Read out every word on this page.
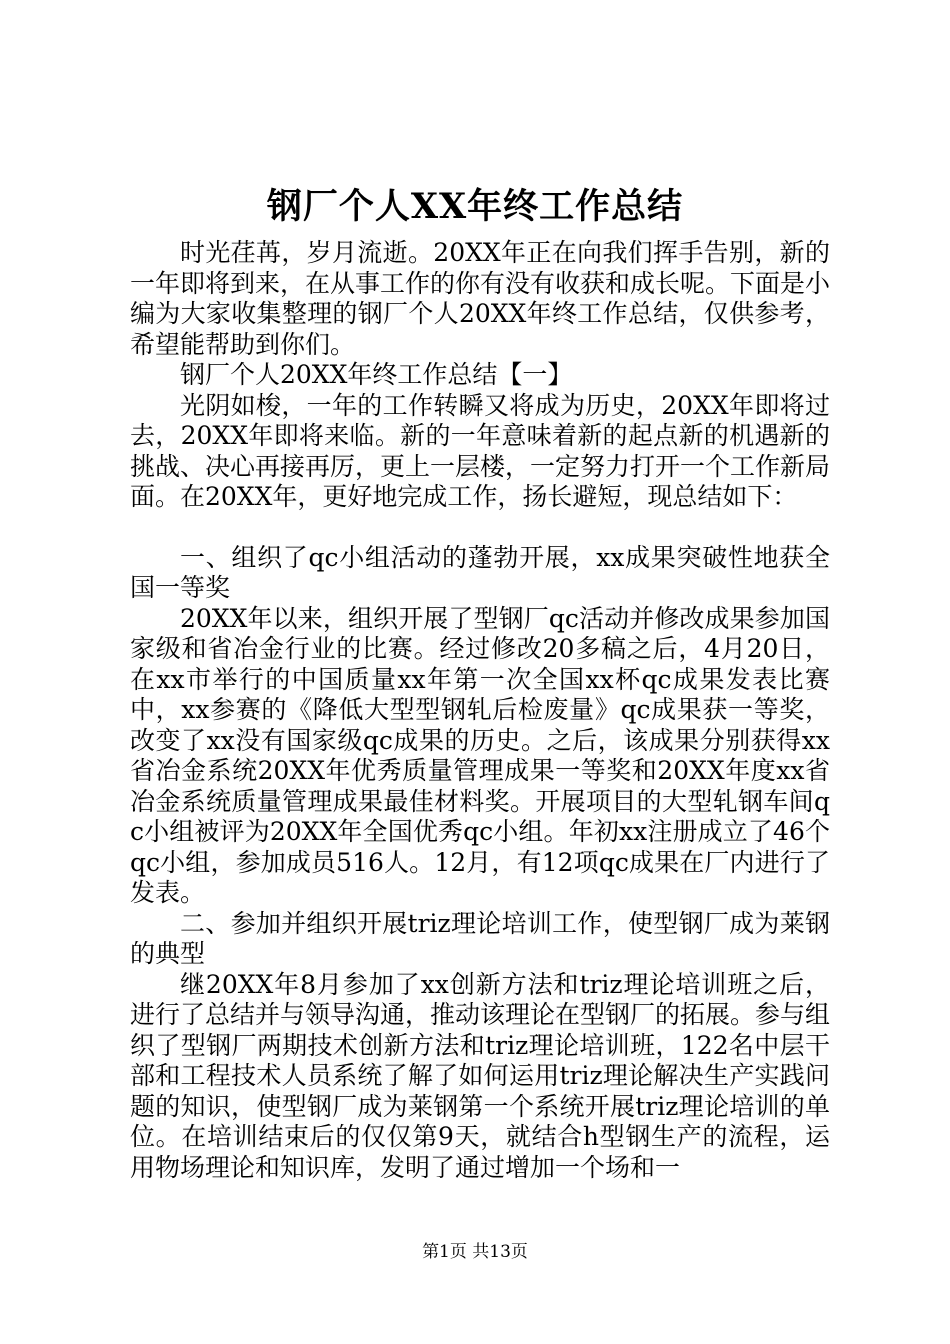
钢厂个人XX年终工作总结

时光荏苒，岁月流逝。20XX年正在向我们挥手告别，新的一年即将到来，在从事工作的你有没有收获和成长呢。下面是小编为大家收集整理的钢厂个人20XX年终工作总结，仅供参考，希望能帮助到你们。

钢厂个人20XX年终工作总结【一】

光阴如梭，一年的工作转瞬又将成为历史，20XX年即将过去，20XX年即将来临。新的一年意味着新的起点新的机遇新的挑战、决心再接再厉，更上一层楼，一定努力打开一个工作新局面。在20XX年，更好地完成工作，扬长避短，现总结如下：

一、组织了qc小组活动的蓬勃开展，xx成果突破性地获全国一等奖

20XX年以来，组织开展了型钢厂qc活动并修改成果参加国家级和省冶金行业的比赛。经过修改20多稿之后，4月20日，在xx市举行的中国质量xx年第一次全国xx杯qc成果发表比赛中，xx参赛的《降低大型型钢轧后检废量》qc成果获一等奖，改变了xx没有国家级qc成果的历史。之后，该成果分别获得xx省冶金系统20XX年优秀质量管理成果一等奖和20XX年度xx省冶金系统质量管理成果最佳材料奖。开展项目的大型轧钢车间qc小组被评为20XX年全国优秀qc小组。年初xx注册成立了46个qc小组，参加成员516人。12月，有12项qc成果在厂内进行了发表。

二、参加并组织开展triz理论培训工作，使型钢厂成为莱钢的典型

继20XX年8月参加了xx创新方法和triz理论培训班之后，进行了总结并与领导沟通，推动该理论在型钢厂的拓展。参与组织了型钢厂两期技术创新方法和triz理论培训班，122名中层干部和工程技术人员系统了解了如何运用triz理论解决生产实践问题的知识，使型钢厂成为莱钢第一个系统开展triz理论培训的单位。在培训结束后的仅仅第9天，就结合h型钢生产的流程，运用物场理论和知识库，发明了通过增加一个场和一

第1页 共13页
